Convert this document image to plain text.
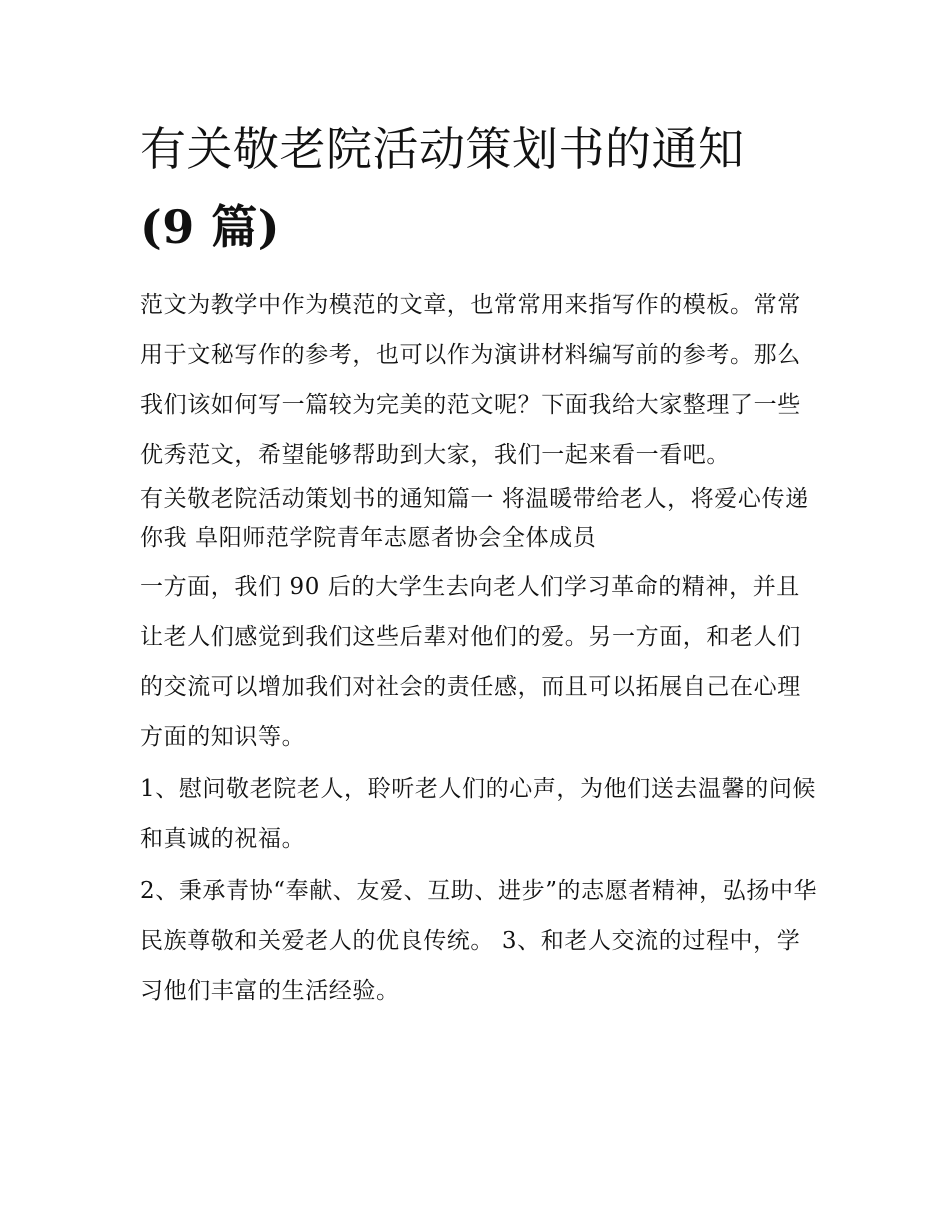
有关敬老院活动策划书的通知
(9 篇)

范文为教学中作为模范的文章，也常常用来指写作的模板。常常用于文秘写作的参考，也可以作为演讲材料编写前的参考。那么我们该如何写一篇较为完美的范文呢？下面我给大家整理了一些优秀范文，希望能够帮助到大家，我们一起来看一看吧。

有关敬老院活动策划书的通知篇一 将温暖带给老人，将爱心传递你我 阜阳师范学院青年志愿者协会全体成员

一方面，我们 90 后的大学生去向老人们学习革命的精神，并且让老人们感觉到我们这些后辈对他们的爱。另一方面，和老人们的交流可以增加我们对社会的责任感，而且可以拓展自己在心理方面的知识等。

1、慰问敬老院老人，聆听老人们的心声，为他们送去温馨的问候和真诚的祝福。

2、秉承青协“奉献、友爱、互助、进步”的志愿者精神，弘扬中华民族尊敬和关爱老人的优良传统。 3、和老人交流的过程中，学习他们丰富的生活经验。
